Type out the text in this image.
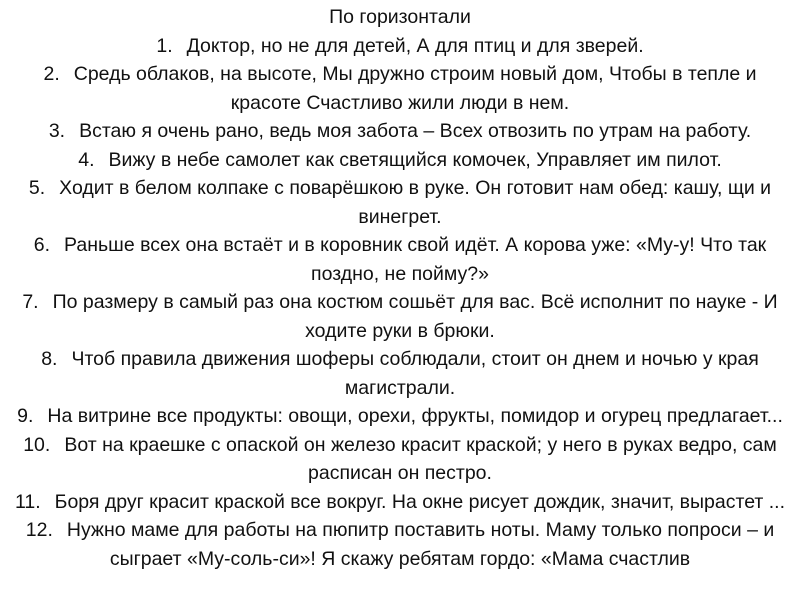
По горизонтали
1. Доктор, но не для детей, А для птиц и для зверей.
2. Средь облаков, на высоте, Мы дружно строим новый дом, Чтобы в тепле и красоте Счастливо жили люди в нем.
3. Встаю я очень рано, ведь моя забота – Всех отвозить по утрам на работу.
4. Вижу в небе самолет как светящийся комочек, Управляет им пилот.
5. Ходит в белом колпаке с поварёшкою в руке. Он готовит нам обед: кашу, щи и винегрет.
6. Раньше всех она встаёт и в коровник свой идёт. А корова уже: «Му-у! Что так поздно, не пойму?»
7. По размеру в самый раз она костюм сошьёт для вас. Всё исполнит по науке - И ходите руки в брюки.
8. Чтоб правила движения шоферы соблюдали, стоит он днем и ночью у края магистрали.
9. На витрине все продукты: овощи, орехи, фрукты, помидор и огурец предлагает...
10. Вот на краешке с опаской он железо красит краской; у него в руках ведро, сам расписан он пестро.
11. Боря друг красит краской все вокруг. На окне рисует дождик, значит, вырастет ...
12. Нужно маме для работы на пюпитр поставить ноты. Маму только попроси – и сыграет «Му-соль-си»! Я скажу ребятам гордо: «Мама счастлив
